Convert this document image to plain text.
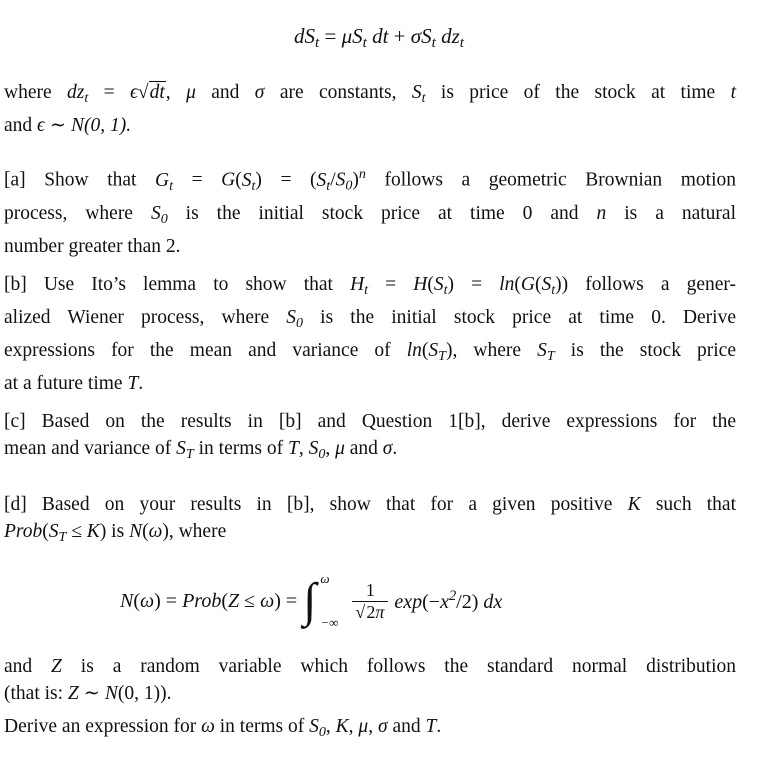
$dS_t = \mu S_t$ dt + $\sigma S_t$ $dz_t$
where $dz_t = \epsilon√dt$, μ and σ are constants, $S_t$ is price of the stock at time t
and ϵ ∼ N(0, 1).
[a] Show that $G_t = G(S_t) = (S_t/S_0)^n$ follows a geometric Brownian motion
process, where $S_0$ is the initial stock price at time 0 and n is a natural
number greater than 2.
[b] Use Ito’s lemma to show that $H_t = H(S_t) = \ln(G(S_t))$ follows a gener-
alized Wiener process, where $S_0$ is the initial stock price at time 0. Derive
expressions for the mean and variance of $\ln(S_T)$, where $S_T$ is the stock price
at a future time T.
[c] Based on the results in [b] and Question 1[b], derive expressions for the
mean and variance of $S_T$ in terms of T, $S_0$, μ and σ.
[d] Based on your results in [b], show that for a given positive K such that
$Prob(S_T \le K)$ is N(ω), where
N(ω) = Prob(Z ≤ ω) = ∫ ω
−∞ $\frac{1}{√2\pi} \exp(-x^2/2)$ dx
and Z is a random variable which follows the standard normal distribution
(that is: Z ∼ N(0, 1)).
Derive an expression for ω in terms of $S_0$, K, μ, σ and T.
